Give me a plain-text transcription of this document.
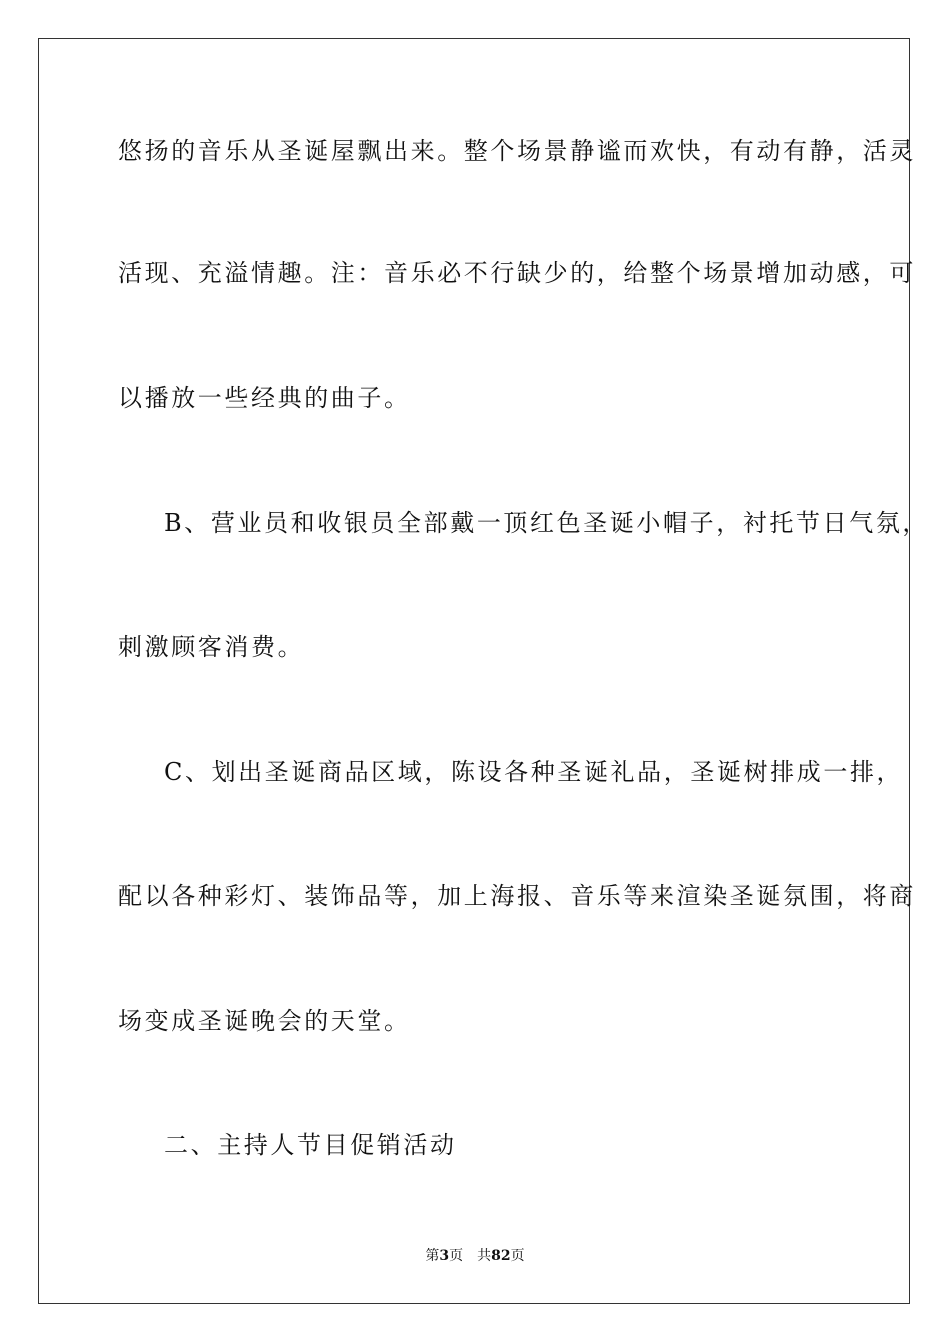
悠扬的音乐从圣诞屋飘出来。整个场景静谧而欢快，有动有静，活灵
活现、充溢情趣。注：音乐必不行缺少的，给整个场景增加动感，可
以播放一些经典的曲子。
B、营业员和收银员全部戴一顶红色圣诞小帽子，衬托节日气氛，
刺激顾客消费。
C、划出圣诞商品区域，陈设各种圣诞礼品，圣诞树排成一排，
配以各种彩灯、装饰品等，加上海报、音乐等来渲染圣诞氛围，将商
场变成圣诞晚会的天堂。
二、主持人节目促销活动
第3页 共82页
